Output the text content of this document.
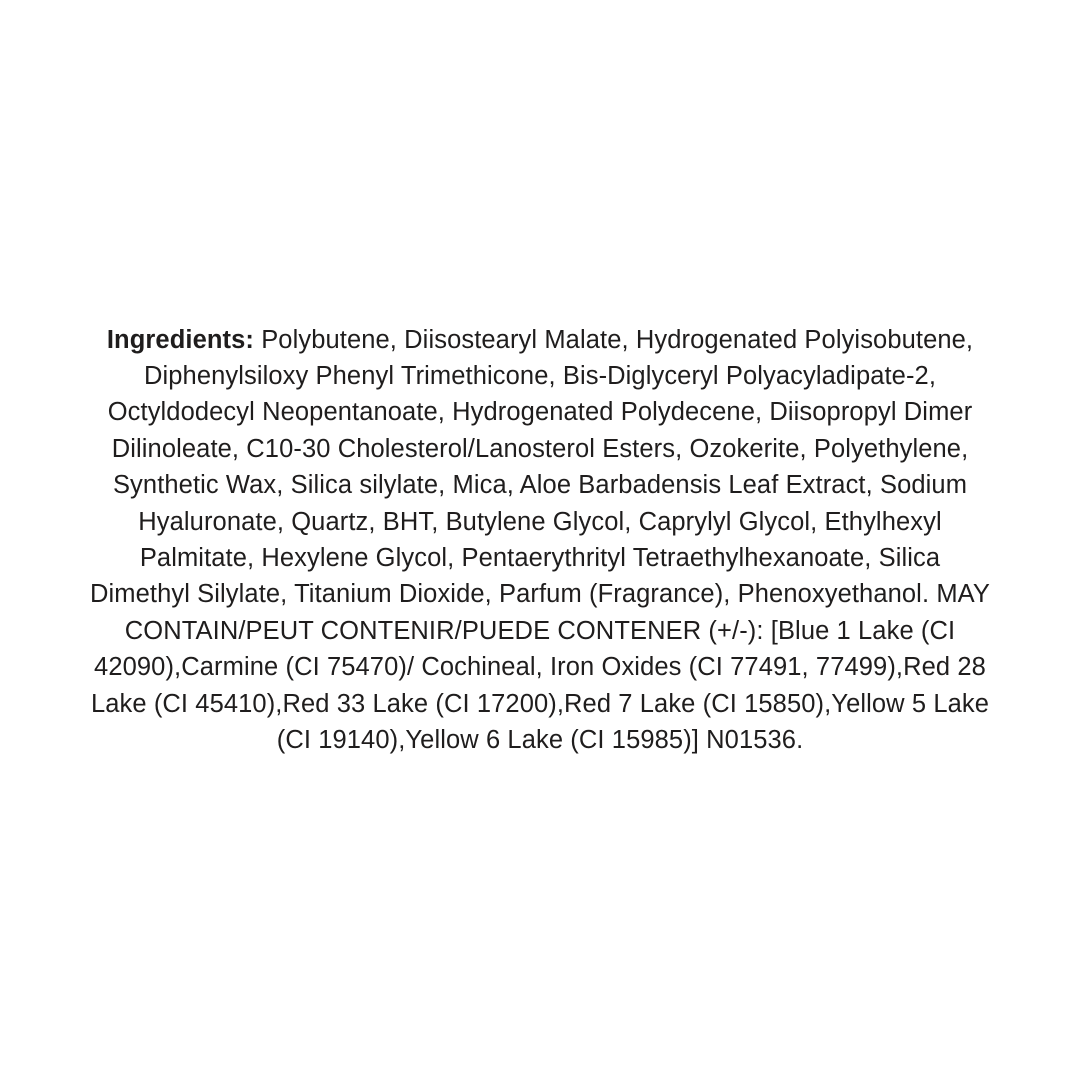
Ingredients: Polybutene, Diisostearyl Malate, Hydrogenated Polyisobutene, Diphenylsiloxy Phenyl Trimethicone, Bis-Diglyceryl Polyacyladipate-2, Octyldodecyl Neopentanoate, Hydrogenated Polydecene, Diisopropyl Dimer Dilinoleate, C10-30 Cholesterol/Lanosterol Esters, Ozokerite, Polyethylene, Synthetic Wax, Silica silylate, Mica, Aloe Barbadensis Leaf Extract, Sodium Hyaluronate, Quartz, BHT, Butylene Glycol, Caprylyl Glycol, Ethylhexyl Palmitate, Hexylene Glycol, Pentaerythrityl Tetraethylhexanoate, Silica Dimethyl Silylate, Titanium Dioxide, Parfum (Fragrance), Phenoxyethanol. MAY CONTAIN/PEUT CONTENIR/PUEDE CONTENER (+/-): [Blue 1 Lake (CI 42090),Carmine (CI 75470)/ Cochineal, Iron Oxides (CI 77491, 77499),Red 28 Lake (CI 45410),Red 33 Lake (CI 17200),Red 7 Lake (CI 15850),Yellow 5 Lake (CI 19140),Yellow 6 Lake (CI 15985)] N01536.
